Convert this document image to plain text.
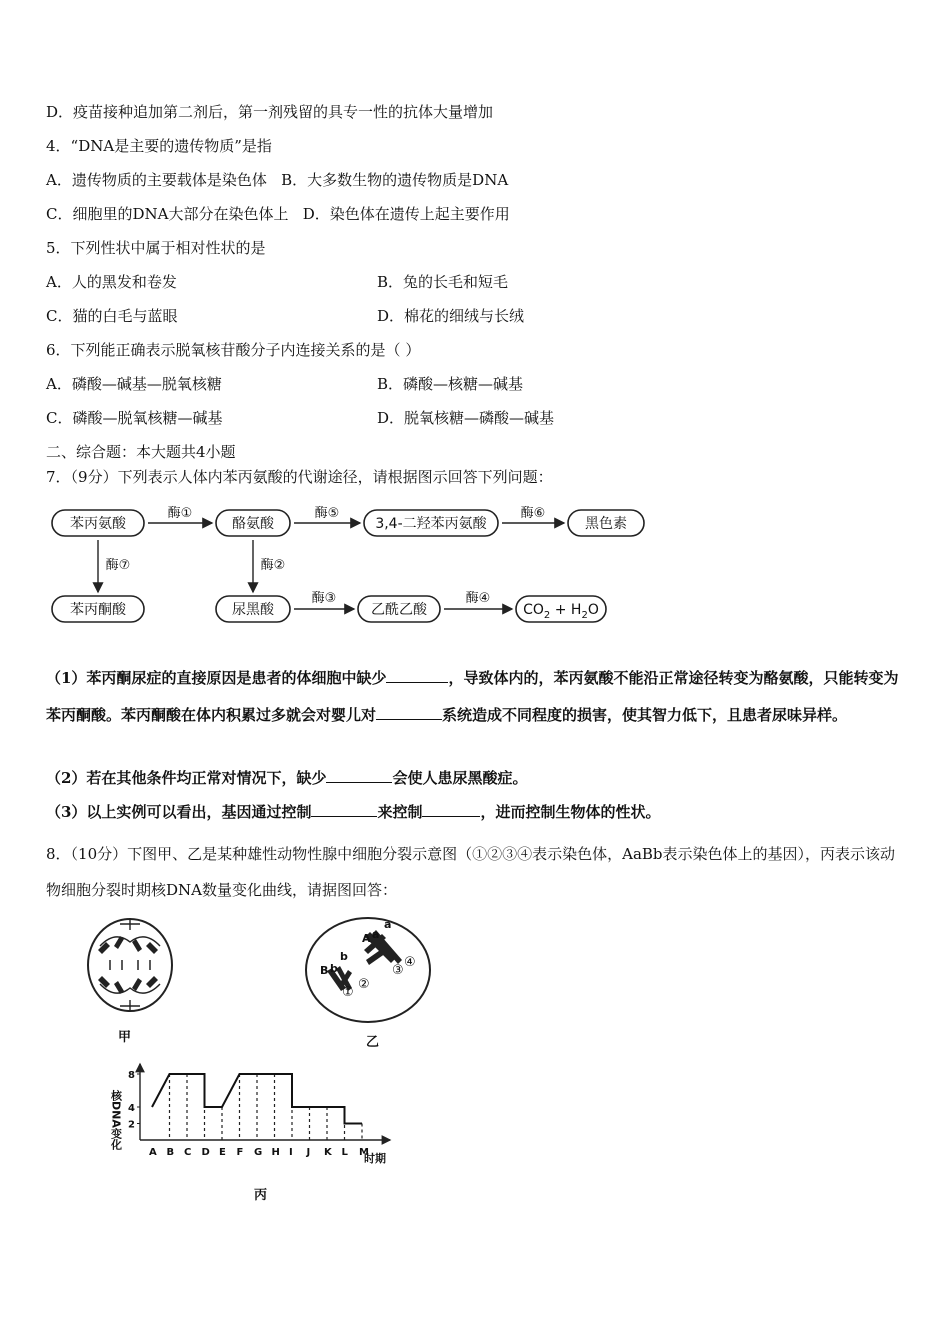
D．疫苗接种追加第二剂后，第一剂残留的具专一性的抗体大量增加
4．“DNA是主要的遗传物质”是指
A．遗传物质的主要载体是染色体 B．大多数生物的遗传物质是DNA
C．细胞里的DNA大部分在染色体上 D．染色体在遗传上起主要作用
5．下列性状中属于相对性状的是
A．人的黑发和卷发	B．兔的长毛和短毛
C．猫的白毛与蓝眼	D．棉花的细绒与长绒
6．下列能正确表示脱氧核苷酸分子内连接关系的是（ ）
A．磷酸—碱基—脱氧核糖	B．磷酸—核糖—碱基
C．磷酸—脱氧核糖—碱基	D．脱氧核糖—磷酸—碱基
二、综合题：本大题共4小题
7．（9分）下列表示人体内苯丙氨酸的代谢途径，请根据图示回答下列问题：
苯丙氨酸	酪氨酸	3,4-二羟苯丙氨酸	黑色素
苯丙酮酸	尿黑酸	乙酰乙酸	$CO_2 + H_2O$
酶①	酶⑤	酶⑥
酶⑦	酶②
酶③	酶④
（1）苯丙酮尿症的直接原因是患者的体细胞中缺少	，导致体内的，苯丙氨酸不能沿正常途径转变为酪氨酸，只能转变为苯丙酮酸。苯丙酮酸在体内积累过多就会对婴儿对	系统造成不同程度的损害，使其智力低下，且患者尿味异样。
（2）若在其他条件均正常对情况下，缺少	会使人患尿黑酸症。
（3）以上实例可以看出，基因通过控制	来控制	，进而控制生物体的性状。
8．（10分）下图甲、乙是某种雄性动物性腺中细胞分裂示意图（①②③④表示染色体，AaBb表示染色体上的基因），丙表示该动物细胞分裂时期核DNA数量变化曲线，请据图回答：
甲
a
A a
b
B b
①
②
③
④
乙
核DNA变化
时期
A B C D E F G H I J K L M
2
4
8
丙
